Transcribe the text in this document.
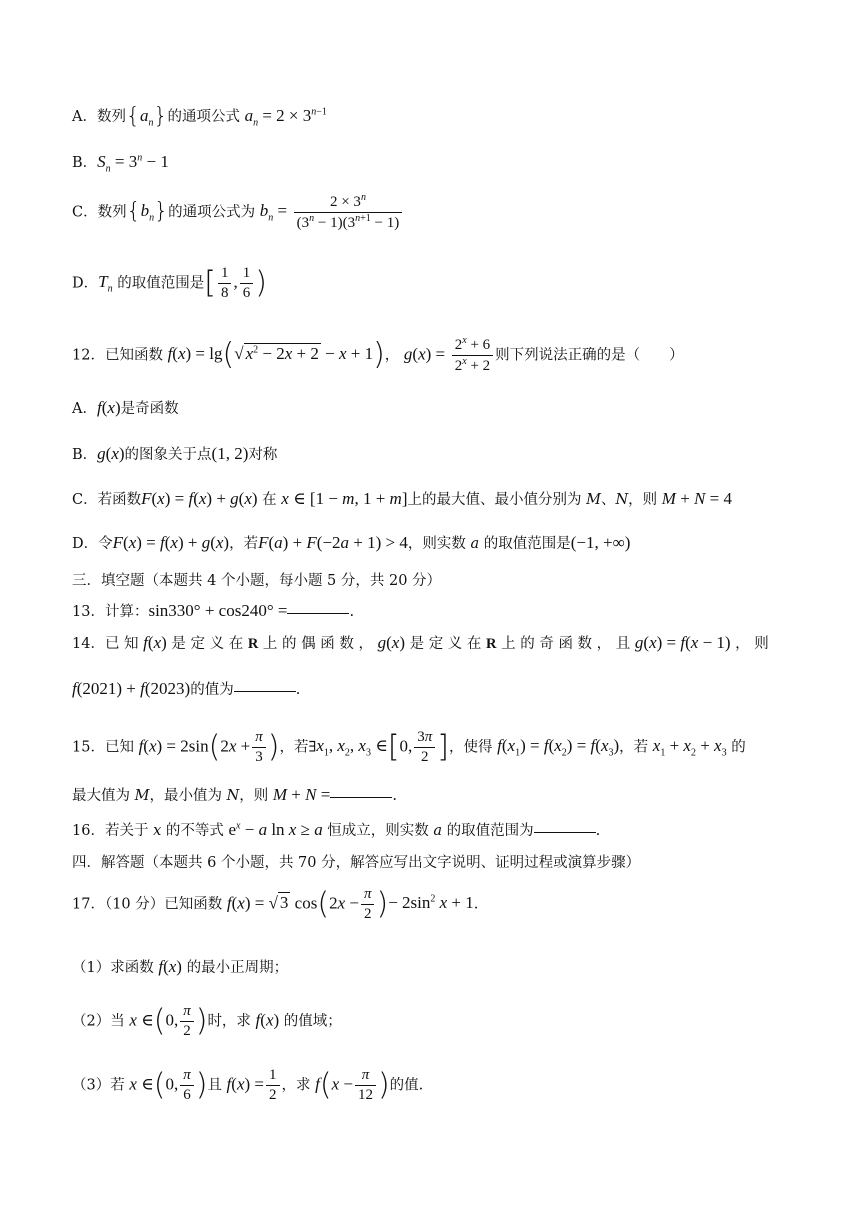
A．数列$\{a_n\}$的通项公式 $a_n = 2 \times 3^{n-1}$
B．$S_n = 3^n - 1$
C．数列$\{b_n\}$的通项公式为 $b_n = \frac{2 \times 3^n}{(3^n - 1)(3^{n+1} - 1)}$
D．$T_n$ 的取值范围是[ $\frac{1}{8}$ , $\frac{1}{6}$ )
12．已知函数 f(x) = lg(√ $x^2 - 2x + 2 - x + 1$)， $g(x) = \frac{2^x + 6}{2^x + 2}$ 则下列说法正确的是（　　）
A．f(x)是奇函数
B．g(x)的图象关于点(1, 2)对称
C．若函数F(x) = f(x) + g(x) 在 x ∈ [1 − m, 1 + m]上的最大值、最小值分别为 M、N，则 M + N = 4
D．令F(x) = f(x) + g(x)，若F(a) + F(−2a + 1) > 4，则实数 a 的取值范围是(−1, +∞)
三．填空题（本题共 4 个小题，每小题 5 分，共 20 分）
13．计算：sin330° + cos240° =	.
14．已 知 f(x) 是 定 义 在 R 上 的 偶 函 数 ， g(x) 是 定 义 在 R 上 的 奇 函 数 ， 且 g(x) = f(x − 1) ， 则
f(2021) + f(2023)的值为	.
15．已知 $f(x) = 2\sin(2x + \frac{\pi}{3}$ )，若$\exists x_1$, $x_2$, $x_3$ ∈[0, $\frac{3\pi}{2}$ ]，使得 $f(x_1) = f(x_2) = f(x_3)$，若 $x_1 + x_2 + x_3$ 的
最大值为 M，最小值为 N，则 M + N =	.
16．若关于 x 的不等式 $e^x - a$ ln x ≥ a 恒成立，则实数 a 的取值范围为	.
四．解答题（本题共 6 个小题，共 70 分，解答应写出文字说明、证明过程或演算步骤）
17．（10 分）已知函数 f(x) = √ 3 $\cos(2x - \frac{\pi}{2}$ )− $2\sin^2$ x + 1.
（1）求函数 f(x) 的最小正周期；
（2）当 x ∈(0, $\frac{\pi}{2}$ )时，求 f(x) 的值域；
（3）若 x ∈(0, $\frac{\pi}{6}$ )且 $f(x) = \frac{1}{2}$ ，求 $f(x - \frac{\pi}{12}$ )的值.
